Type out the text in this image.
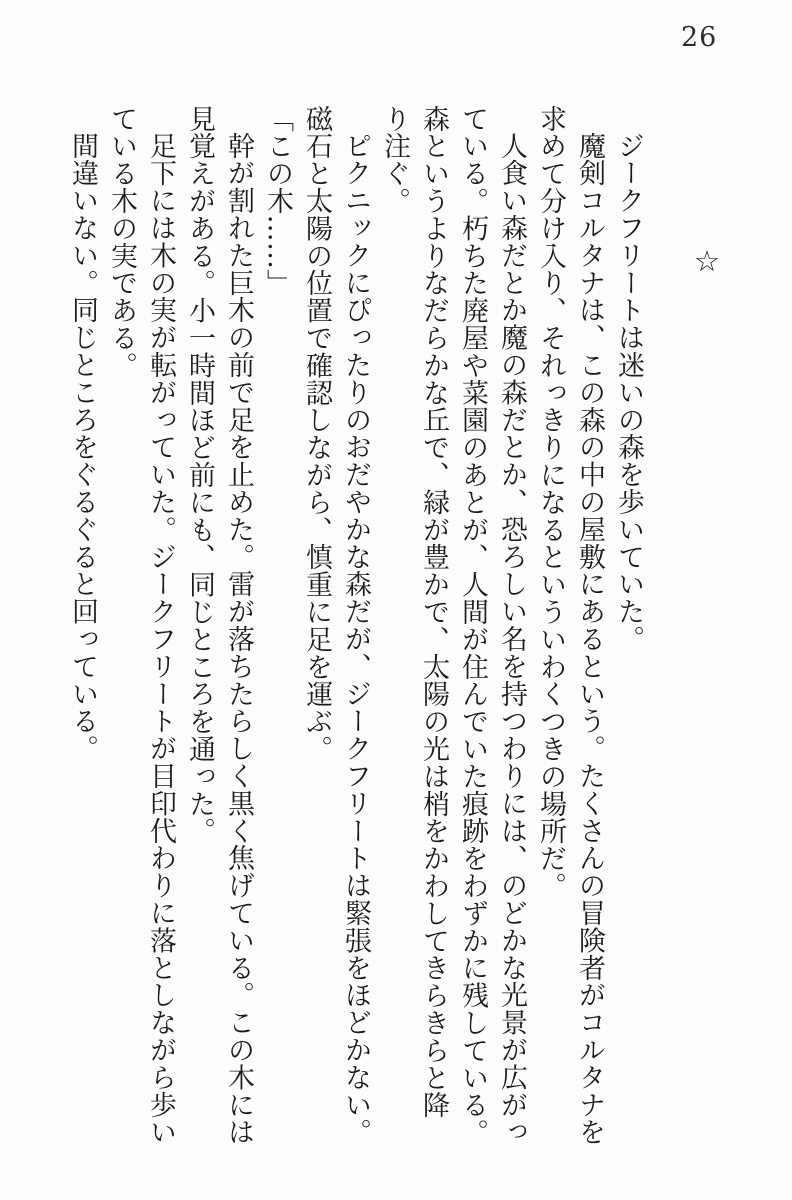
26
☆

ジークフリートは迷いの森を歩いていた。
魔剣コルタナは、この森の中の屋敷にあるという。たくさんの冒険者がコルタナを
求めて分け入り、それっきりになるといういわくつきの場所だ。
人食い森だとか魔の森だとか、恐ろしい名を持つわりには、のどかな光景が広がっ
ている。朽ちた廃屋や菜園のあとが、人間が住んでいた痕跡をわずかに残している。
森というよりなだらかな丘で、緑が豊かで、太陽の光は梢をかわしてきらきらと降
り注ぐ。
ピクニックにぴったりのおだやかな森だが、ジークフリートは緊張をほどかない。
磁石と太陽の位置で確認しながら、慎重に足を運ぶ。
「この木……」
幹が割れた巨木の前で足を止めた。雷が落ちたらしく黒く焦げている。この木には
見覚えがある。小一時間ほど前にも、同じところを通った。
足下には木の実が転がっていた。ジークフリートが目印代わりに落としながら歩い
ている木の実である。
間違いない。同じところをぐるぐると回っている。
